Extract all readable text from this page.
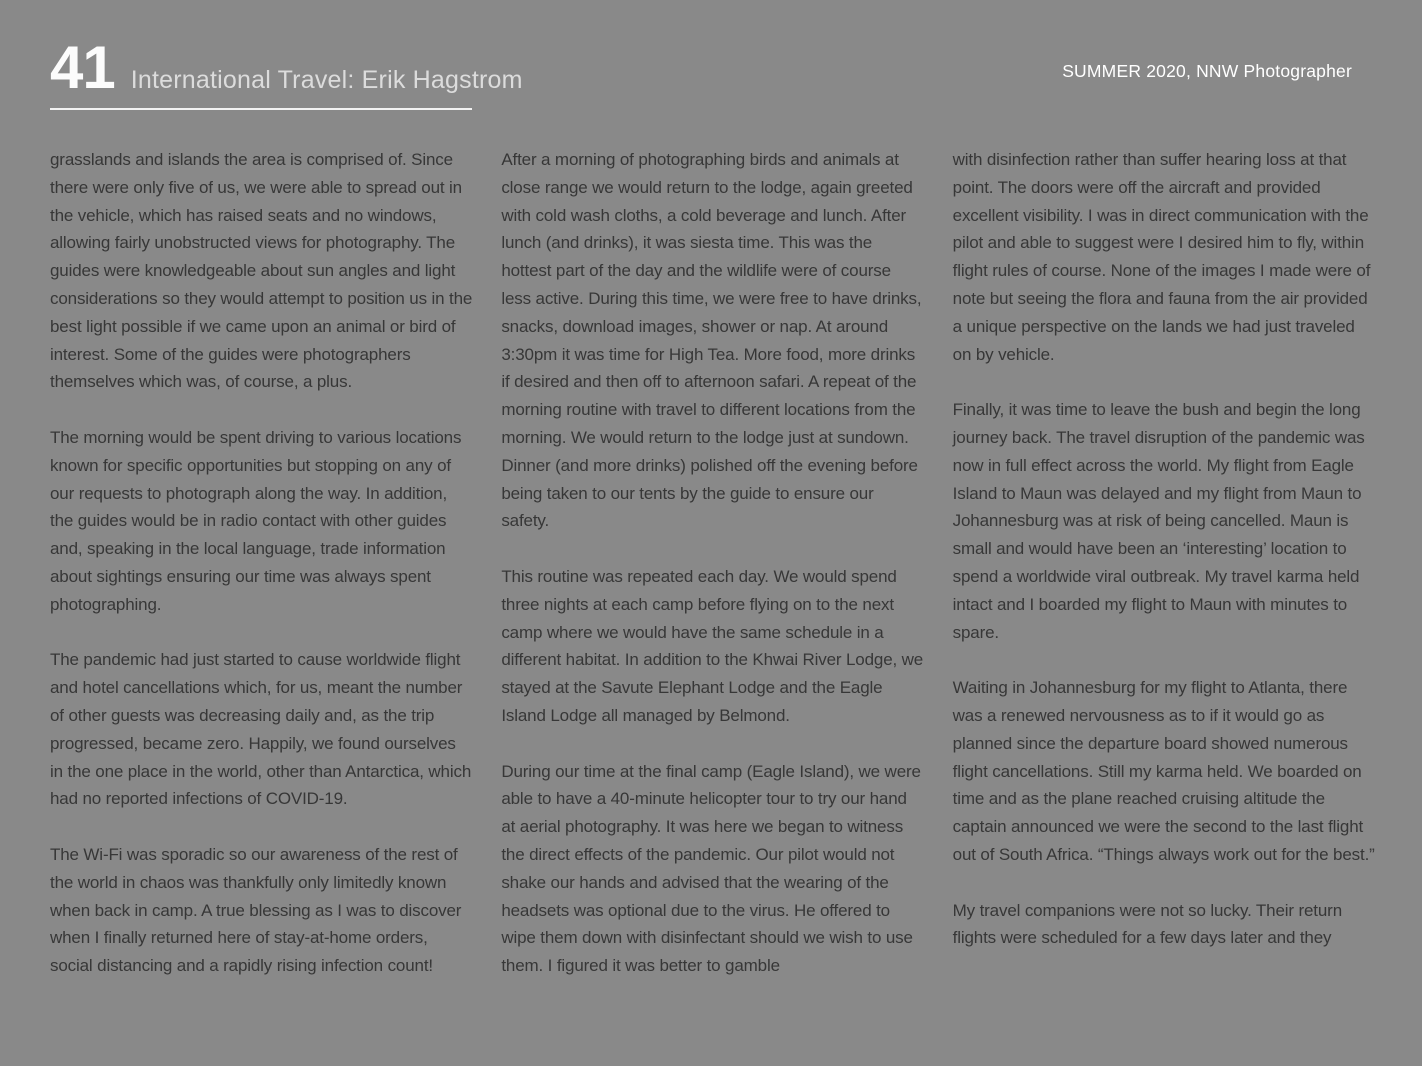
41 International Travel: Erik Hagstrom	SUMMER 2020, NNW Photographer

grasslands and islands the area is comprised of. Since there were only five of us, we were able to spread out in the vehicle, which has raised seats and no windows, allowing fairly unobstructed views for photography. The guides were knowledgeable about sun angles and light considerations so they would attempt to position us in the best light possible if we came upon an animal or bird of interest. Some of the guides were photographers themselves which was, of course, a plus.

The morning would be spent driving to various locations known for specific opportunities but stopping on any of our requests to photograph along the way. In addition, the guides would be in radio contact with other guides and, speaking in the local language, trade information about sightings ensuring our time was always spent photographing.

The pandemic had just started to cause worldwide flight and hotel cancellations which, for us, meant the number of other guests was decreasing daily and, as the trip progressed, became zero. Happily, we found ourselves in the one place in the world, other than Antarctica, which had no reported infections of COVID-19.

The Wi-Fi was sporadic so our awareness of the rest of the world in chaos was thankfully only limitedly known when back in camp. A true blessing as I was to discover when I finally returned here of stay-at-home orders, social distancing and a rapidly rising infection count!

After a morning of photographing birds and animals at close range we would return to the lodge, again greeted with cold wash cloths, a cold beverage and lunch. After lunch (and drinks), it was siesta time. This was the hottest part of the day and the wildlife were of course less active. During this time, we were free to have drinks, snacks, download images, shower or nap. At around 3:30pm it was time for High Tea. More food, more drinks if desired and then off to afternoon safari. A repeat of the morning routine with travel to different locations from the morning. We would return to the lodge just at sundown. Dinner (and more drinks) polished off the evening before being taken to our tents by the guide to ensure our safety.

This routine was repeated each day. We would spend three nights at each camp before flying on to the next camp where we would have the same schedule in a different habitat. In addition to the Khwai River Lodge, we stayed at the Savute Elephant Lodge and the Eagle Island Lodge all managed by Belmond.

During our time at the final camp (Eagle Island), we were able to have a 40-minute helicopter tour to try our hand at aerial photography. It was here we began to witness the direct effects of the pandemic. Our pilot would not shake our hands and advised that the wearing of the headsets was optional due to the virus. He offered to wipe them down with disinfectant should we wish to use them. I figured it was better to gamble

with disinfection rather than suffer hearing loss at that point. The doors were off the aircraft and provided excellent visibility. I was in direct communication with the pilot and able to suggest were I desired him to fly, within flight rules of course. None of the images I made were of note but seeing the flora and fauna from the air provided a unique perspective on the lands we had just traveled on by vehicle.

Finally, it was time to leave the bush and begin the long journey back. The travel disruption of the pandemic was now in full effect across the world. My flight from Eagle Island to Maun was delayed and my flight from Maun to Johannesburg was at risk of being cancelled. Maun is small and would have been an ‘interesting’ location to spend a worldwide viral outbreak. My travel karma held intact and I boarded my flight to Maun with minutes to spare.

Waiting in Johannesburg for my flight to Atlanta, there was a renewed nervousness as to if it would go as planned since the departure board showed numerous flight cancellations. Still my karma held. We boarded on time and as the plane reached cruising altitude the captain announced we were the second to the last flight out of South Africa. “Things always work out for the best.”

My travel companions were not so lucky. Their return flights were scheduled for a few days later and they
